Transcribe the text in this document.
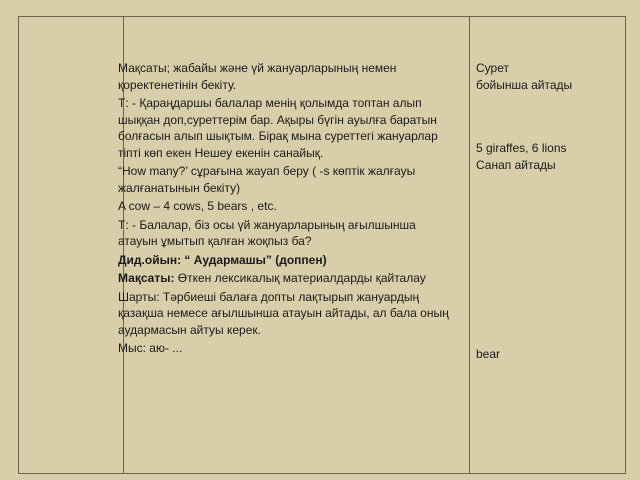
Мақсаты; жабайы және үй жануарларының немен қоректенетінін бекіту.

Т: - Қараңдаршы балалар менің қолымда топтан алып шыққан доп,суреттерім бар. Ақыры бүгін ауылға баратын болғасын алып шықтым. Бірақ мына суреттегі жануарлар тіпті көп екен Нешеу екенін санайық.

“How many?’ сұрағына жауап беру ( -s көптік жалғауы жалғанатынын бекіту)

A cow – 4 cows, 5 bears , etc.

Т: - Балалар, біз осы үй жануарларының ағылшынша атауын ұмытып қалған жоқпыз ба?

Дид.ойын: “ Аудармашы” (доппен)

Мақсаты: Өткен лексикалық материалдарды қайталау

Шарты: Тәрбиеші балаға допты лақтырып жануардың қазақша немесе ағылшынша атауын айтады, ал бала оның аудармасын айтуы керек.

Мыс: аю- ...

Сурет

бойынша айтады

5 giraffes, 6 lions

Санап айтады

bear
